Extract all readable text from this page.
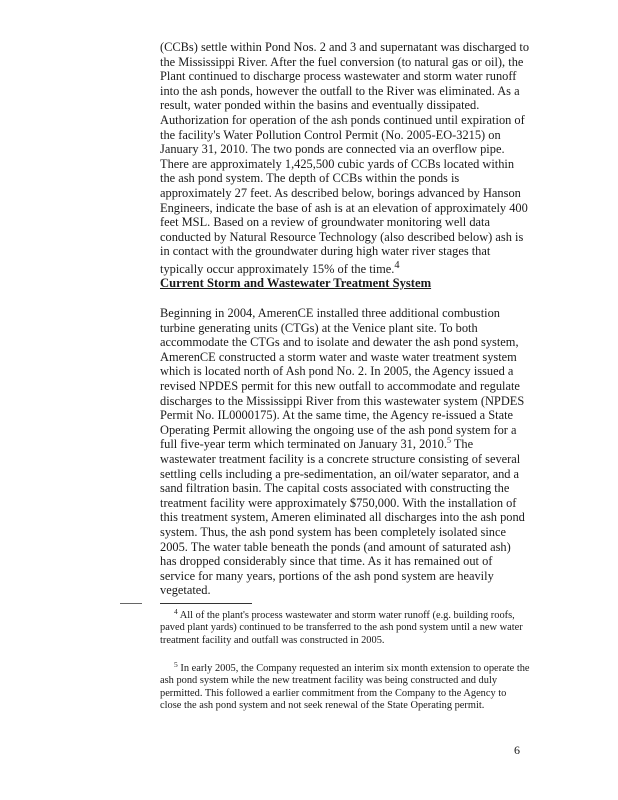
(CCBs) settle within Pond Nos. 2 and 3 and supernatant was discharged to the Mississippi River. After the fuel conversion (to natural gas or oil), the Plant continued to discharge process wastewater and storm water runoff into the ash ponds, however the outfall to the River was eliminated. As a result, water ponded within the basins and eventually dissipated. Authorization for operation of the ash ponds continued until expiration of the facility's Water Pollution Control Permit (No. 2005-EO-3215) on January 31, 2010. The two ponds are connected via an overflow pipe. There are approximately 1,425,500 cubic yards of CCBs located within the ash pond system. The depth of CCBs within the ponds is approximately 27 feet. As described below, borings advanced by Hanson Engineers, indicate the base of ash is at an elevation of approximately 400 feet MSL. Based on a review of groundwater monitoring well data conducted by Natural Resource Technology (also described below) ash is in contact with the groundwater during high water river stages that typically occur approximately 15% of the time.$^4$

Current Storm and Wastewater Treatment System

Beginning in 2004, AmerenCE installed three additional combustion turbine generating units (CTGs) at the Venice plant site. To both accommodate the CTGs and to isolate and dewater the ash pond system, AmerenCE constructed a storm water and waste water treatment system which is located north of Ash pond No. 2. In 2005, the Agency issued a revised NPDES permit for this new outfall to accommodate and regulate discharges to the Mississippi River from this wastewater system (NPDES Permit No. IL0000175). At the same time, the Agency re-issued a State Operating Permit allowing the ongoing use of the ash pond system for a full five-year term which terminated on January 31, 2010.$^5$ The wastewater treatment facility is a concrete structure consisting of several settling cells including a pre-sedimentation, an oil/water separator, and a sand filtration basin. The capital costs associated with constructing the treatment facility were approximately $750,000. With the installation of this treatment system, Ameren eliminated all discharges into the ash pond system. Thus, the ash pond system has been completely isolated since 2005. The water table beneath the ponds (and amount of saturated ash) has dropped considerably since that time. As it has remained out of service for many years, portions of the ash pond system are heavily vegetated.

$^4$ All of the plant's process wastewater and storm water runoff (e.g. building roofs, paved plant yards) continued to be transferred to the ash pond system until a new water treatment facility and outfall was constructed in 2005.

$^5$ In early 2005, the Company requested an interim six month extension to operate the ash pond system while the new treatment facility was being constructed and duly permitted. This followed a earlier commitment from the Company to the Agency to close the ash pond system and not seek renewal of the State Operating permit.

6
